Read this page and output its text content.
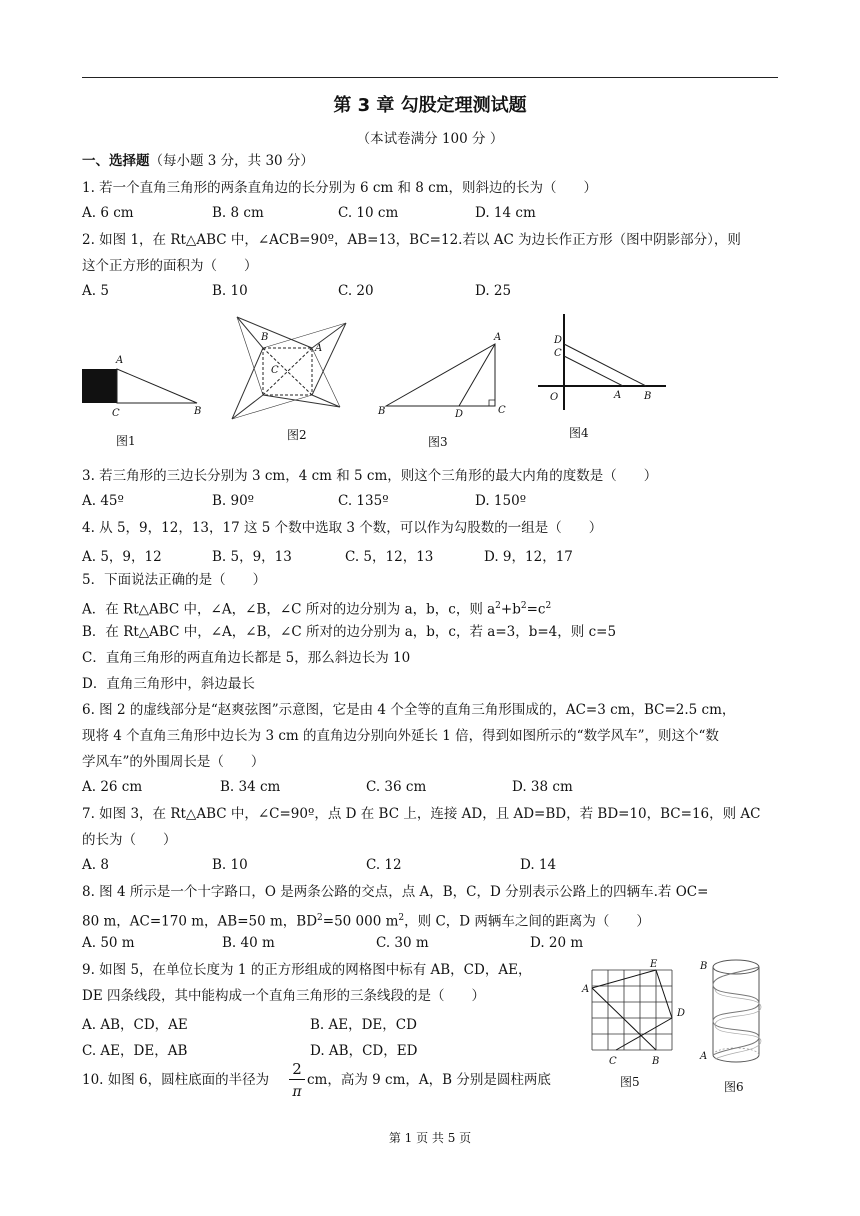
第 3 章 勾股定理测试题
（本试卷满分 100 分 ）
一、选择题（每小题 3 分，共 30 分）
1. 若一个直角三角形的两条直角边的长分别为 6 cm 和 8 cm，则斜边的长为（　　）
A. 6 cm	B. 8 cm	C. 10 cm	D. 14 cm
2. 如图 1，在 Rt△ABC 中，∠ACB=90º，AB=13，BC=12.若以 AC 为边长作正方形（图中阴影部分），则
这个正方形的面积为（　　）
A. 5	B. 10	C. 20	D. 25
A
C	B
图1
B
A
C
图2
A
B	D	C
图3
D
C
O	A B
图4
3. 若三角形的三边长分别为 3 cm，4 cm 和 5 cm，则这个三角形的最大内角的度数是（　　）
A. 45º	B. 90º	C. 135º	D. 150º
4. 从 5，9，12，13，17 这 5 个数中选取 3 个数，可以作为勾股数的一组是（　　）
A. 5，9，12	B. 5，9，13	C. 5，12，13	D. 9，12，17
5．下面说法正确的是（　　）
A．在 Rt△ABC 中，∠A，∠B，∠C 所对的边分别为 a，b，c，则 $a^2+b^2=c^2$
B．在 Rt△ABC 中，∠A，∠B，∠C 所对的边分别为 a，b，c，若 a=3，b=4，则 c=5
C．直角三角形的两直角边长都是 5，那么斜边长为 10
D．直角三角形中，斜边最长
6. 图 2 的虚线部分是“赵爽弦图”示意图，它是由 4 个全等的直角三角形围成的，AC=3 cm，BC=2.5 cm，
现将 4 个直角三角形中边长为 3 cm 的直角边分别向外延长 1 倍，得到如图所示的“数学风车”，则这个“数
学风车”的外围周长是（　　）
A. 26 cm	B. 34 cm	C. 36 cm	D. 38 cm
7. 如图 3，在 Rt△ABC 中，∠C=90º，点 D 在 BC 上，连接 AD，且 AD=BD，若 BD=10，BC=16，则 AC
的长为（　　）
A. 8	B. 10	C. 12	D. 14
8. 图 4 所示是一个十字路口，O 是两条公路的交点，点 A，B，C，D 分别表示公路上的四辆车.若 OC=
80 m，AC=170 m，AB=50 m，$BD^2=50$ 000 $m^2$，则 C，D 两辆车之间的距离为（　　）
A. 50 m	B. 40 m	C. 30 m	D. 20 m
9. 如图 5，在单位长度为 1 的正方形组成的网格图中标有 AB，CD，AE，
DE 四条线段，其中能构成一个直角三角形的三条线段的是（　　）
A. AB，CD，AE	B. AE，DE，CD
C. AE，DE，AB	D. AB，CD，ED
E
A
D
C	B
图5
B
A
图6
10. 如图 6，圆柱底面的半径为
2
π
cm，高为 9 cm，A，B 分别是圆柱两底
第 1 页 共 5 页
